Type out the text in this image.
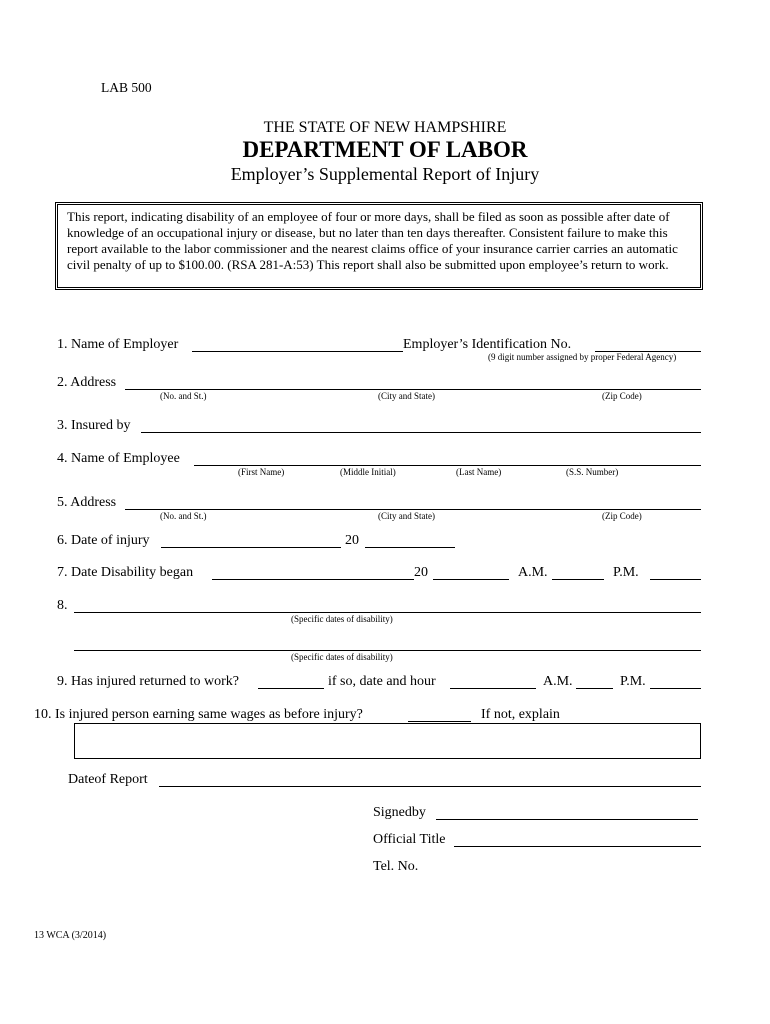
LAB 500
THE STATE OF NEW HAMPSHIRE
DEPARTMENT OF LABOR
Employer’s Supplemental Report of Injury
This report, indicating disability of an employee of four or more days, shall be filed as soon as possible after date of knowledge of an occupational injury or disease, but no later than ten days thereafter. Consistent failure to make this report available to the labor commissioner and the nearest claims office of your insurance carrier carries an automatic civil penalty of up to $100.00. (RSA 281-A:53) This report shall also be submitted upon employee’s return to work.
1. Name of Employer	Employer’s Identification No.
(9 digit number assigned by proper Federal Agency)
2. Address
(No. and St.)	(City and State)	(Zip Code)
3. Insured by
4. Name of Employee
(First Name)	(Middle Initial)	(Last Name)	(S.S. Number)
5. Address
(No. and St.)	(City and State)	(Zip Code)
6. Date of injury	20
7. Date Disability began	20	A.M.	P.M.
8.
(Specific dates of disability)
(Specific dates of disability)
9. Has injured returned to work?	if so, date and hour	A.M.	P.M.
10. Is injured person earning same wages as before injury?	If not, explain
Dateof Report
Signedby
Official Title
Tel. No.
13 WCA (3/2014)
